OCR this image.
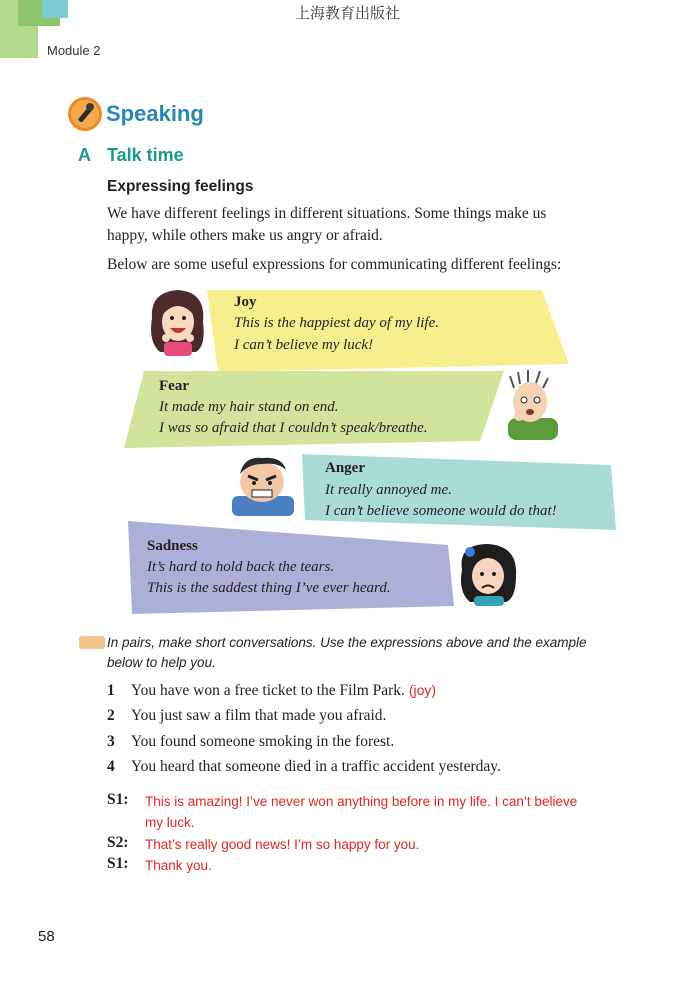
上海教育出版社
Module 2
Speaking
A Talk time
Expressing feelings
We have different feelings in different situations. Some things make us
happy, while others make us angry or afraid.
Below are some useful expressions for communicating different feelings:
Joy
This is the happiest day of my life.
I can’t believe my luck!
Fear
It made my hair stand on end.
I was so afraid that I couldn’t speak/breathe.
Anger
It really annoyed me.
I can’t believe someone would do that!
Sadness
It’s hard to hold back the tears.
This is the saddest thing I’ve ever heard.
In pairs, make short conversations. Use the expressions above and the example
below to help you.
1 You have won a free ticket to the Film Park. (joy)
2 You just saw a film that made you afraid.
3 You found someone smoking in the forest.
4 You heard that someone died in a traffic accident yesterday.
S1: This is amazing! I’ve never won anything before in my life. I can’t believe
my luck.
S2: That’s really good news! I’m so happy for you.
S1: Thank you.
58
